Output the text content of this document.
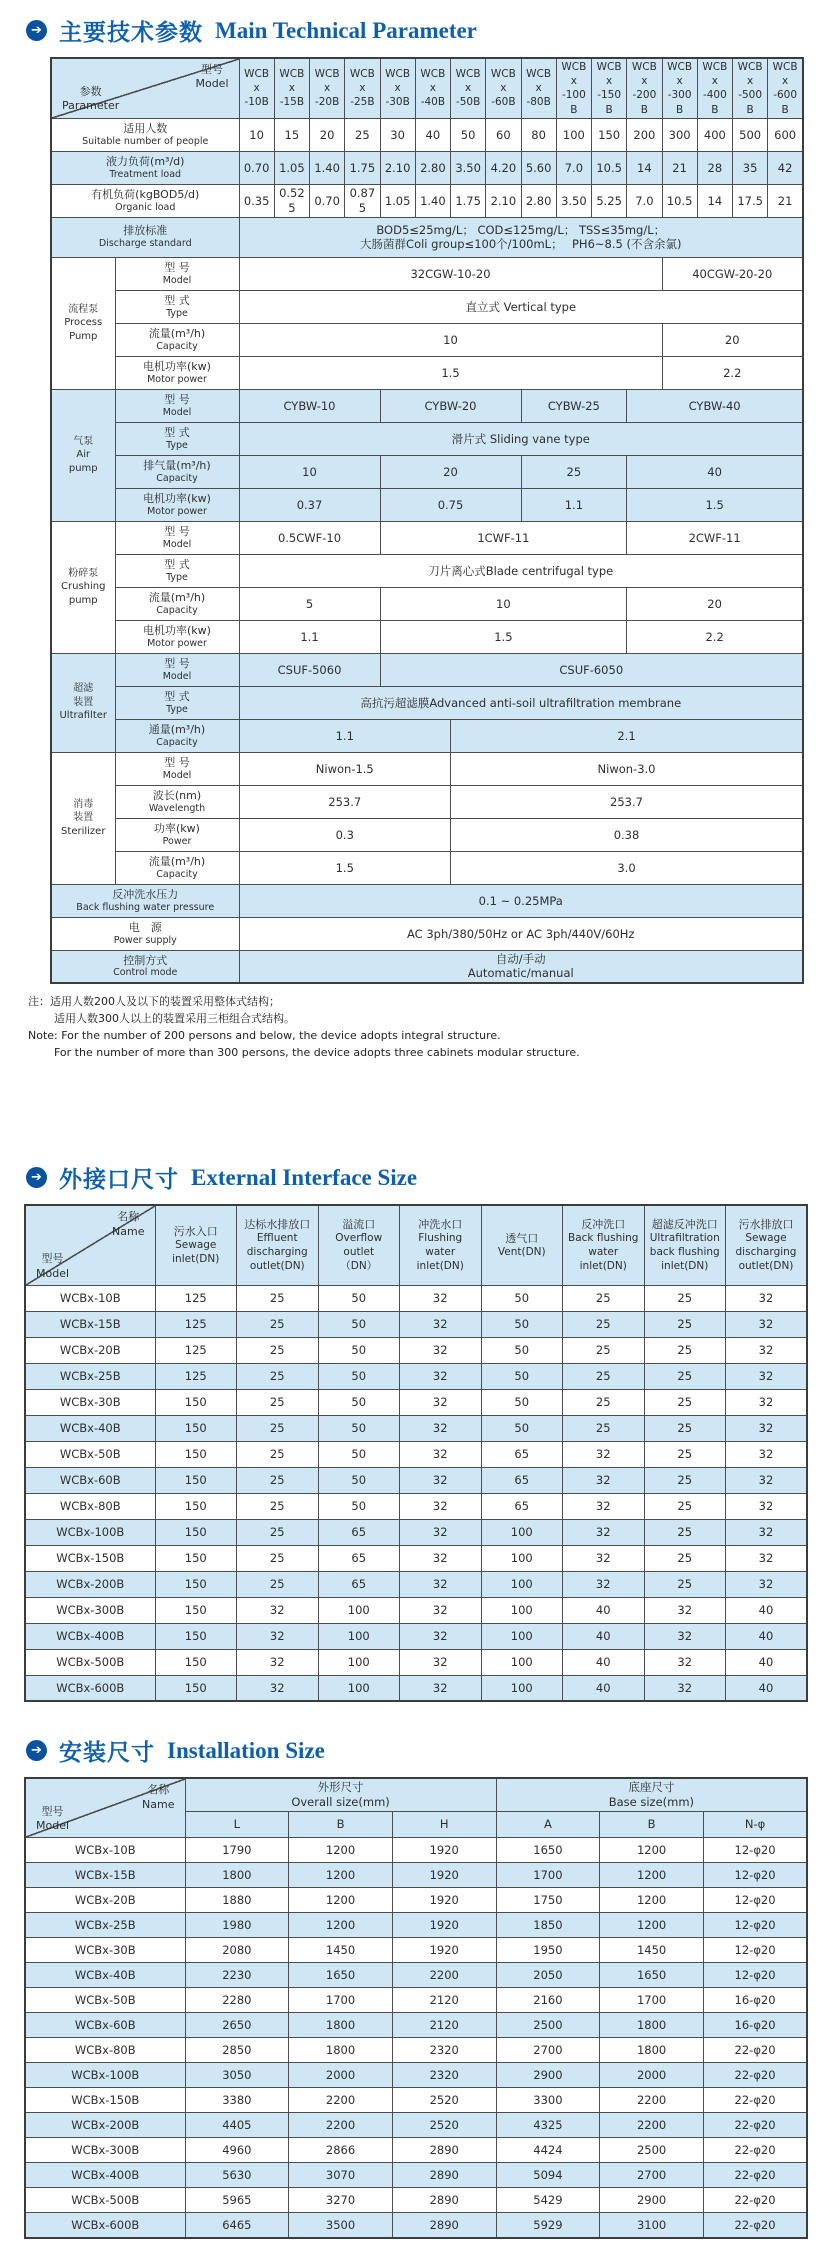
➔ 主要技术参数 Main Technical Parameter
型号
Model
参数
Parameter

WCBx
-10B

WCBx
-15B

WCBx
-20B

WCBx
-25B

WCBx
-30B

WCBx
-40B

WCBx
-50B

WCBx
-60B

WCBx
-80B

WCBx
-100B

WCBx
-150B

WCBx
-200B

WCBx
-300B

WCBx
-400B

WCBx
-500B

WCBx
-600B

适用人数
Suitable number of people		10	15	20	25	30	40	50	60	80	100	150	200	300	400	500	600

液力负荷(m³/d)
Treatment load		0.70	1.05	1.40	1.75	2.10	2.80	3.50	4.20	5.60	7.0	10.5	14	21	28	35	42

有机负荷(kgBOD5/d)
Organic load		0.35	0.525	0.70	0.875	1.05	1.40	1.75	2.10	2.80	3.50	5.25	7.0	10.5	14	17.5	21

排放标准
Discharge standard

BOD5≤25mg/L； COD≤125mg/L； TSS≤35mg/L；
大肠菌群Coli group≤100个/100mL；　 PH6~8.5 (不含余氯)

流程泵
Process
Pump

型 号
Model	32CGW-10-20	40CGW-20-20

	型 式
Type	直立式 Vertical type															

	流量(m³/h)
Capacity	10												20			

	电机功率(kw)
Motor power	1.5												2.2			

气泵
Air
pump

型 号
Model	CYBW-10	CYBW-20	CYBW-25	CYBW-40

	型 式
Type	滑片式 Sliding vane type															

	排气量(m³/h)
Capacity	10				20				25			40				

	电机功率(kw)
Motor power	0.37				0.75				1.1			1.5				

粉碎泵
Crushing
pump

型 号
Model	0.5CWF-10	1CWF-11	2CWF-11

	型 式
Type	刀片离心式Blade centrifugal type															

	流量(m³/h)
Capacity	5				10							20				

	电机功率(kw)
Motor power	1.1				1.5							2.2				

超滤
装置
Ultrafilter

型 号
Model	CSUF-5060	CSUF-6050

	型 式
Type	高抗污超滤膜Advanced anti-soil ultrafiltration membrane															

	通量(m³/h)
Capacity	1.1						2.1									

消毒
装置
Sterilizer

型 号
Model	Niwon-1.5	Niwon-3.0

	波长(nm)
Wavelength	253.7						253.7									

	功率(kw)
Power	0.3						0.38									

	流量(m³/h)
Capacity	1.5						3.0									

反冲洗水压力
Back flushing water pressure		0.1 ~ 0.25MPa															

电　源
Power supply		AC 3ph/380/50Hz or AC 3ph/440V/60Hz															

控制方式
Control mode

自动/手动
Automatic/manual
注：适用人数200人及以下的装置采用整体式结构；
适用人数300人以上的装置采用三柜组合式结构。
Note: For the number of 200 persons and below, the device adopts integral structure.
For the number of more than 300 persons, the device adopts three cabinets modular structure.
➔ 外接口尺寸 External Interface Size
名称
Name
型号
Model

污水入口
Sewage
inlet(DN)

达标水排放口
Effluent
discharging
outlet(DN)

溢流口
Overflow
outlet
（DN）

冲洗水口
Flushing
water
inlet(DN)

透气口
Vent(DN)

反冲洗口
Back flushing
water inlet(DN)

超滤反冲洗口
Ultrafiltration
back flushing
inlet(DN)

污水排放口
Sewage
discharging
outlet(DN)

WCBx-10B	125	25	50	32	50	25	25	32

WCBx-15B	125	25	50	32	50	25	25	32

WCBx-20B	125	25	50	32	50	25	25	32

WCBx-25B	125	25	50	32	50	25	25	32

WCBx-30B	150	25	50	32	50	25	25	32

WCBx-40B	150	25	50	32	50	25	25	32

WCBx-50B	150	25	50	32	65	32	25	32

WCBx-60B	150	25	50	32	65	32	25	32

WCBx-80B	150	25	50	32	65	32	25	32

WCBx-100B	150	25	65	32	100	32	25	32

WCBx-150B	150	25	65	32	100	32	25	32

WCBx-200B	150	25	65	32	100	32	25	32

WCBx-300B	150	32	100	32	100	40	32	40

WCBx-400B	150	32	100	32	100	40	32	40

WCBx-500B	150	32	100	32	100	40	32	40

WCBx-600B	150	32	100	32	100	40	32	40
➔ 安装尺寸 Installation Size
名称
Name
型号
Model

外形尺寸
Overall size(mm)

底座尺寸
Base size(mm)

	L	B	H	A	B	N-φ

WCBx-10B	1790	1200	1920	1650	1200	12-φ20

WCBx-15B	1800	1200	1920	1700	1200	12-φ20

WCBx-20B	1880	1200	1920	1750	1200	12-φ20

WCBx-25B	1980	1200	1920	1850	1200	12-φ20

WCBx-30B	2080	1450	1920	1950	1450	12-φ20

WCBx-40B	2230	1650	2200	2050	1650	12-φ20

WCBx-50B	2280	1700	2120	2160	1700	16-φ20

WCBx-60B	2650	1800	2120	2500	1800	16-φ20

WCBx-80B	2850	1800	2320	2700	1800	22-φ20

WCBx-100B	3050	2000	2320	2900	2000	22-φ20

WCBx-150B	3380	2200	2520	3300	2200	22-φ20

WCBx-200B	4405	2200	2520	4325	2200	22-φ20

WCBx-300B	4960	2866	2890	4424	2500	22-φ20

WCBx-400B	5630	3070	2890	5094	2700	22-φ20

WCBx-500B	5965	3270	2890	5429	2900	22-φ20

WCBx-600B	6465	3500	2890	5929	3100	22-φ20
